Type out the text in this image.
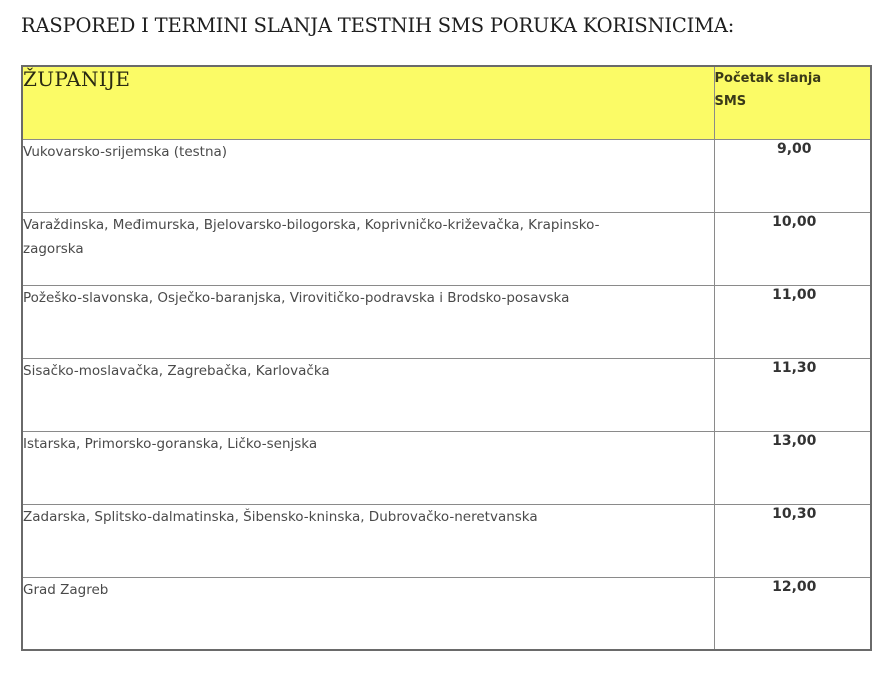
RASPORED I TERMINI SLANJA TESTNIH SMS PORUKA KORISNICIMA:
ŽUPANIJE	Početak slanja SMS

Vukovarsko-srijemska (testna)	9,00
Varaždinska, Međimurska, Bjelovarsko-bilogorska, Koprivničko-križevačka, Krapinsko-zagorska	10,00
Požeško-slavonska, Osječko-baranjska, Virovitičko-podravska i Brodsko-posavska	11,00
Sisačko-moslavačka, Zagrebačka, Karlovačka	11,30
Istarska, Primorsko-goranska, Ličko-senjska	13,00
Zadarska, Splitsko-dalmatinska, Šibensko-kninska, Dubrovačko-neretvanska	10,30
Grad Zagreb	12,00
